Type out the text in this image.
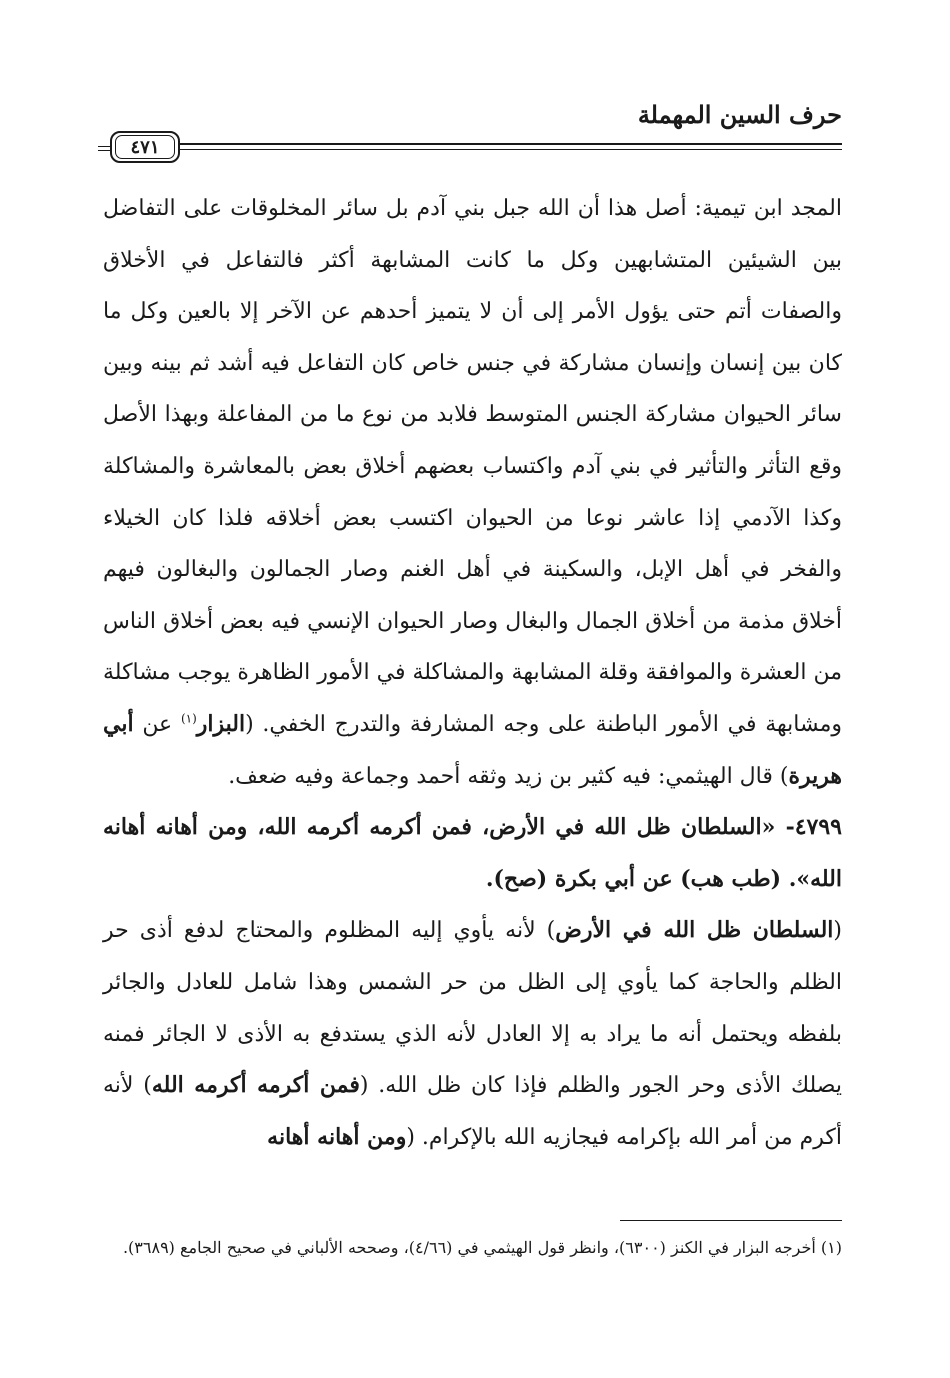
حرف السين المهملة
٤٧١

المجد ابن تيمية: أصل هذا أن الله جبل بني آدم بل سائر المخلوقات على التفاضل بين الشيئين المتشابهين وكل ما كانت المشابهة أكثر فالتفاعل في الأخلاق والصفات أتم حتى يؤول الأمر إلى أن لا يتميز أحدهم عن الآخر إلا بالعين وكل ما كان بين إنسان وإنسان مشاركة في جنس خاص كان التفاعل فيه أشد ثم بينه وبين سائر الحيوان مشاركة الجنس المتوسط فلابد من نوع ما من المفاعلة وبهذا الأصل وقع التأثر والتأثير في بني آدم واكتساب بعضهم أخلاق بعض بالمعاشرة والمشاكلة وكذا الآدمي إذا عاشر نوعا من الحيوان اكتسب بعض أخلاقه فلذا كان الخيلاء والفخر في أهل الإبل، والسكينة في أهل الغنم وصار الجمالون والبغالون فيهم أخلاق مذمة من أخلاق الجمال والبغال وصار الحيوان الإنسي فيه بعض أخلاق الناس من العشرة والموافقة وقلة المشابهة والمشاكلة في الأمور الظاهرة يوجب مشاكلة ومشابهة في الأمور الباطنة على وجه المشارفة والتدرج الخفي. (البزار$^{(١)}$ عن أبي هريرة) قال الهيثمي: فيه كثير بن زيد وثقه أحمد وجماعة وفيه ضعف.

٤٧٩٩- «السلطان ظل الله في الأرض، فمن أكرمه أكرمه الله، ومن أهانه أهانه الله». (طب هب) عن أبي بكرة (صح).

(السلطان ظل الله في الأرض) لأنه يأوي إليه المظلوم والمحتاج لدفع أذى حر الظلم والحاجة كما يأوي إلى الظل من حر الشمس وهذا شامل للعادل والجائر بلفظه ويحتمل أنه ما يراد به إلا العادل لأنه الذي يستدفع به الأذى لا الجائر فمنه يصلك الأذى وحر الجور والظلم فإذا كان ظل الله. (فمن أكرمه أكرمه الله) لأنه أكرم من أمر الله بإكرامه فيجازيه الله بالإكرام. (ومن أهانه أهانه

(١) أخرجه البزار في الكنز (٦٣٠٠)، وانظر قول الهيثمي في (٤/٦٦)، وصححه الألباني في صحيح الجامع (٣٦٨٩).
